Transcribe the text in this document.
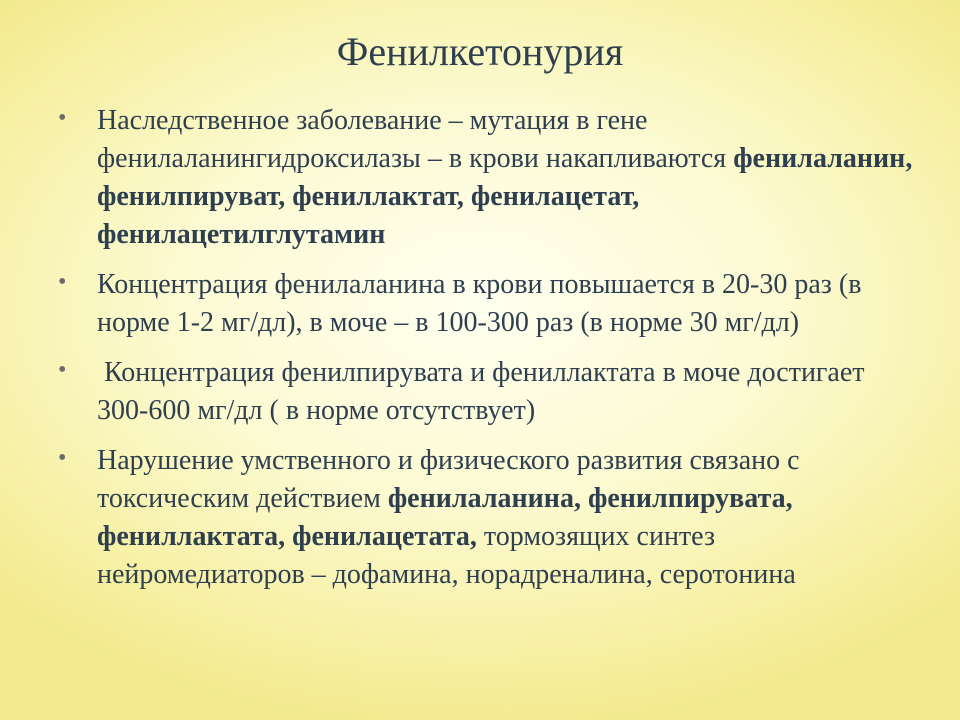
Фенилкетонурия
• Наследственное заболевание – мутация в гене фенилаланингидроксилазы – в крови накапливаются фенилаланин, фенилпируват, фениллактат, фенилацетат, фенилацетилглутамин
• Концентрация фенилаланина в крови повышается в 20-30 раз (в норме 1-2 мг/дл), в моче – в 100-300 раз (в норме 30 мг/дл)
• Концентрация фенилпирувата и фениллактата в моче достигает 300-600 мг/дл ( в норме отсутствует)
• Нарушение умственного и физического развития связано с токсическим действием фенилаланина, фенилпирувата, фениллактата, фенилацетата, тормозящих синтез нейромедиаторов – дофамина, норадреналина, серотонина
